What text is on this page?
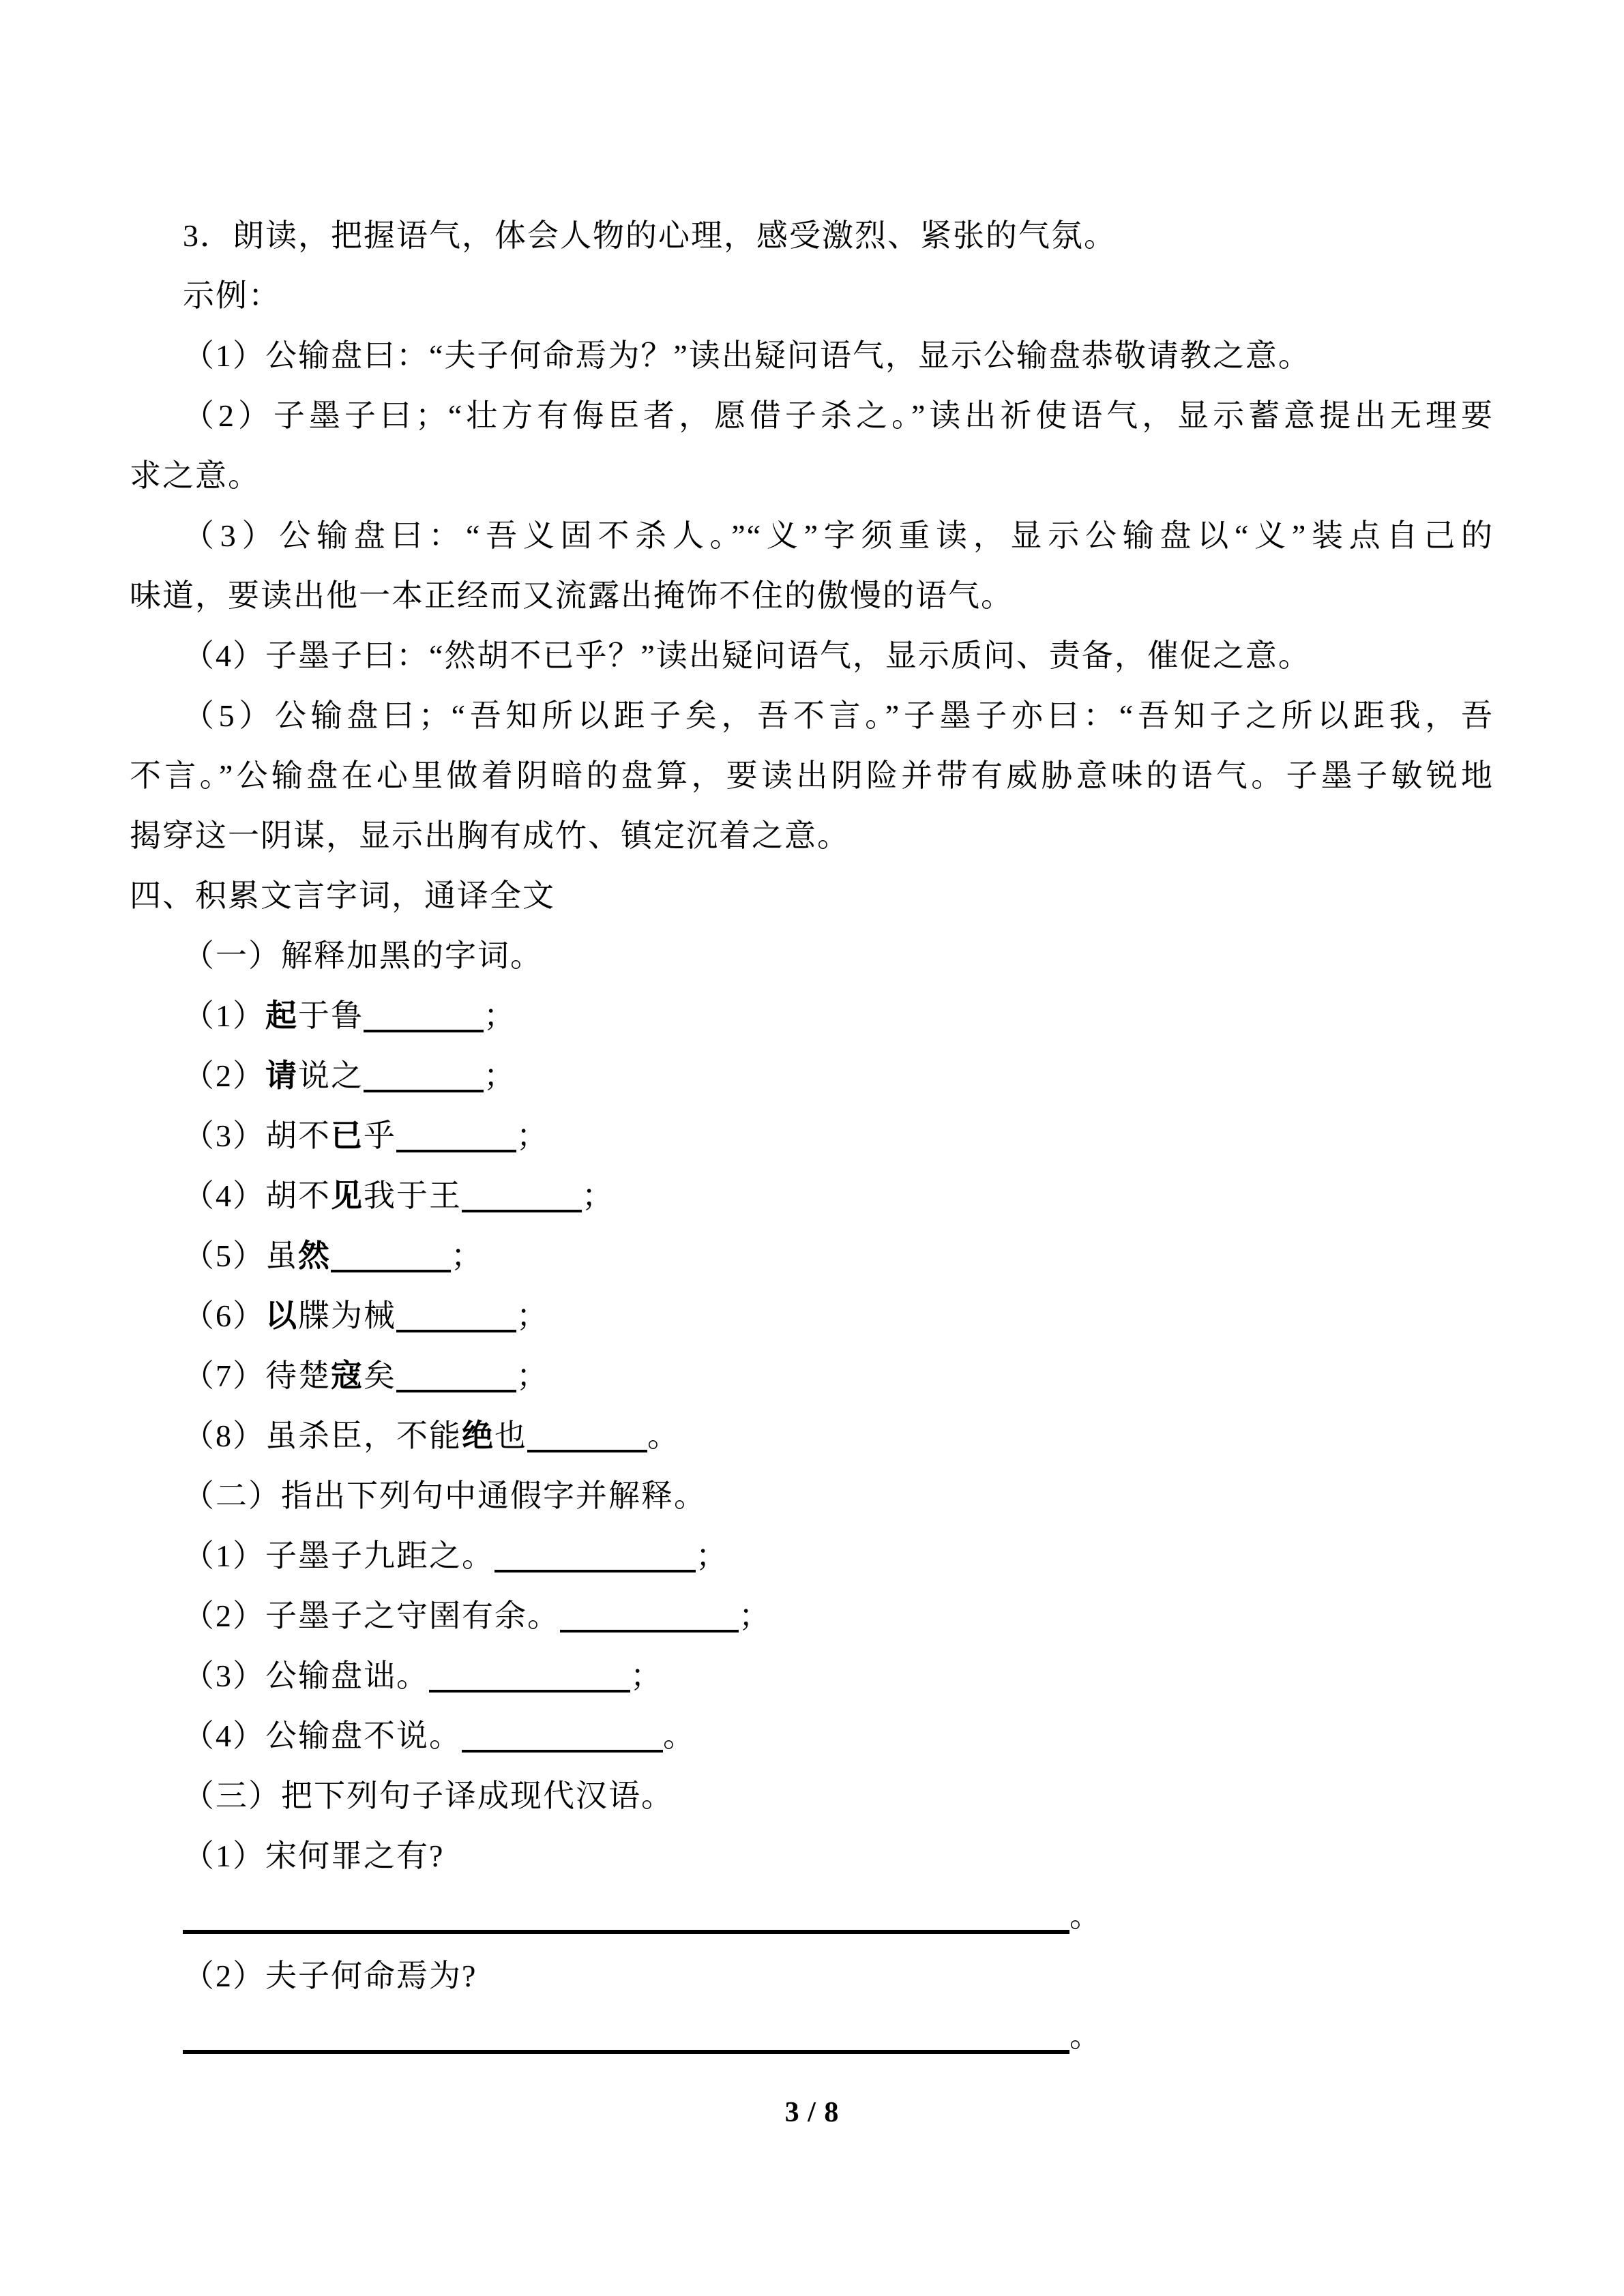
3．朗读，把握语气，体会人物的心理，感受激烈、紧张的气氛。
示例：
（1）公输盘曰：“夫子何命焉为？”读出疑问语气，显示公输盘恭敬请教之意。
（2）子墨子曰；“壮方有侮臣者，愿借子杀之。”读出祈使语气，显示蓄意提出无理要
求之意。
（3）公输盘曰：“吾义固不杀人。”“义”字须重读，显示公输盘以“义”装点自己的
味道，要读出他一本正经而又流露出掩饰不住的傲慢的语气。
（4）子墨子曰：“然胡不已乎？”读出疑问语气，显示质问、责备，催促之意。
（5）公输盘曰；“吾知所以距子矣，吾不言。”子墨子亦曰：“吾知子之所以距我，吾
不言。”公输盘在心里做着阴暗的盘算，要读出阴险并带有威胁意味的语气。子墨子敏锐地
揭穿这一阴谋，显示出胸有成竹、镇定沉着之意。
四、积累文言字词，通译全文
（一）解释加黑的字词。
（1）起于鲁	；
（2）请说之	；
（3）胡不已乎	；
（4）胡不见我于王	；
（5）虽然	；
（6）以牒为械	；
（7）待楚寇矣	；
（8）虽杀臣，不能绝也	。
（二）指出下列句中通假字并解释。
（1）子墨子九距之。	；
（2）子墨子之守圉有余。	；
（3）公输盘诎。	；
（4）公输盘不说。	。
（三）把下列句子译成现代汉语。
（1）宋何罪之有?
。
（2）夫子何命焉为?
。
3 / 8
